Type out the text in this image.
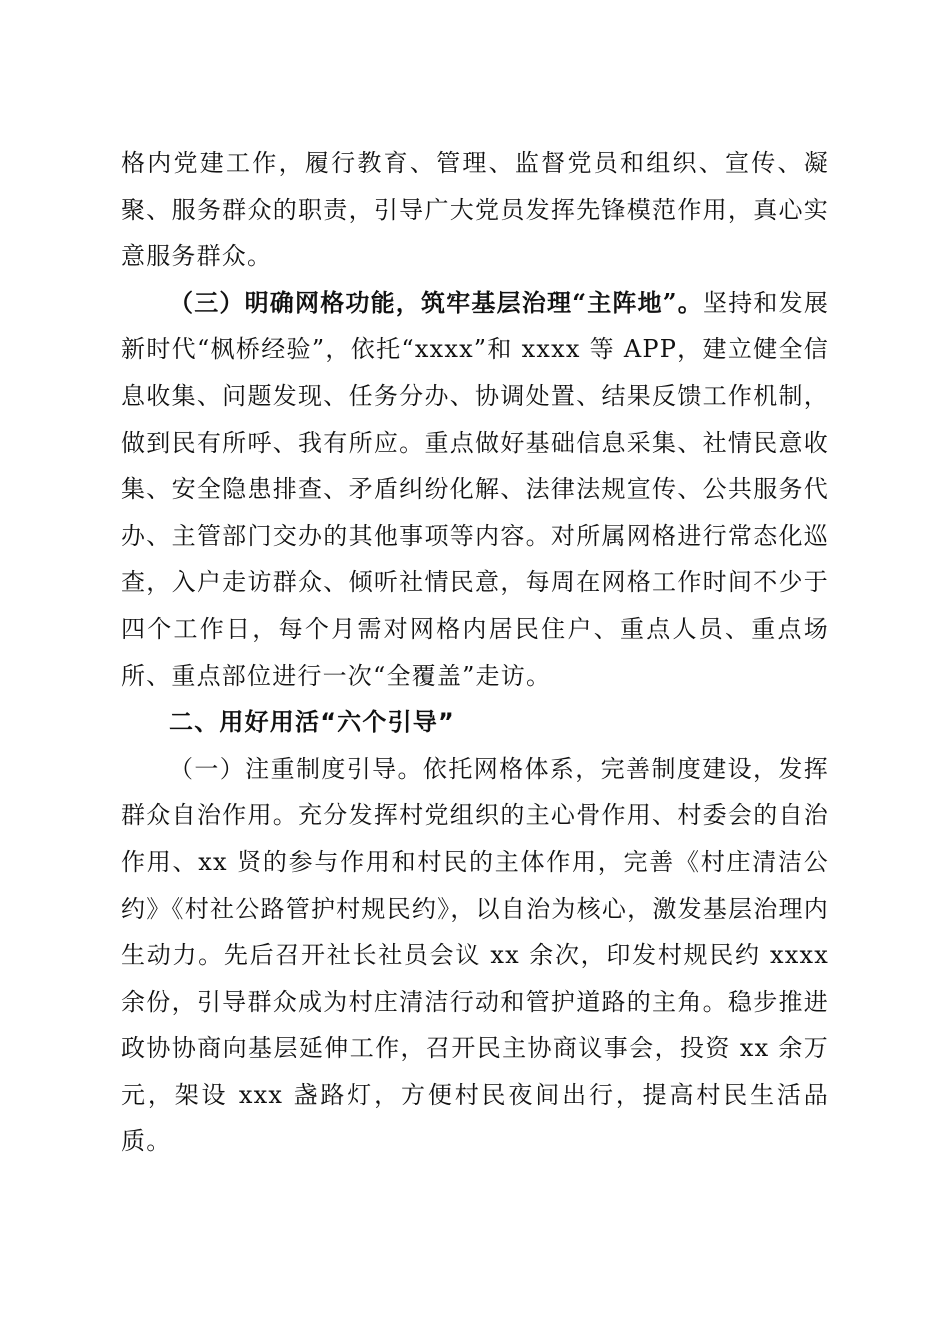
格内党建工作，履行教育、管理、监督党员和组织、宣传、凝聚、服务群众的职责，引导广大党员发挥先锋模范作用，真心实意服务群众。

（三）明确网格功能，筑牢基层治理“主阵地”。坚持和发展新时代“枫桥经验”，依托“xxxx”和 xxxx 等 APP，建立健全信息收集、问题发现、任务分办、协调处置、结果反馈工作机制，做到民有所呼、我有所应。重点做好基础信息采集、社情民意收集、安全隐患排查、矛盾纠纷化解、法律法规宣传、公共服务代办、主管部门交办的其他事项等内容。对所属网格进行常态化巡查，入户走访群众、倾听社情民意，每周在网格工作时间不少于四个工作日，每个月需对网格内居民住户、重点人员、重点场所、重点部位进行一次“全覆盖”走访。

二、用好用活“六个引导”

（一）注重制度引导。依托网格体系，完善制度建设，发挥群众自治作用。充分发挥村党组织的主心骨作用、村委会的自治作用、xx 贤的参与作用和村民的主体作用，完善《村庄清洁公约》《村社公路管护村规民约》，以自治为核心，激发基层治理内生动力。先后召开社长社员会议 xx 余次，印发村规民约 xxxx 余份，引导群众成为村庄清洁行动和管护道路的主角。稳步推进政协协商向基层延伸工作，召开民主协商议事会，投资 xx 余万元，架设 xxx 盏路灯，方便村民夜间出行，提高村民生活品质。
